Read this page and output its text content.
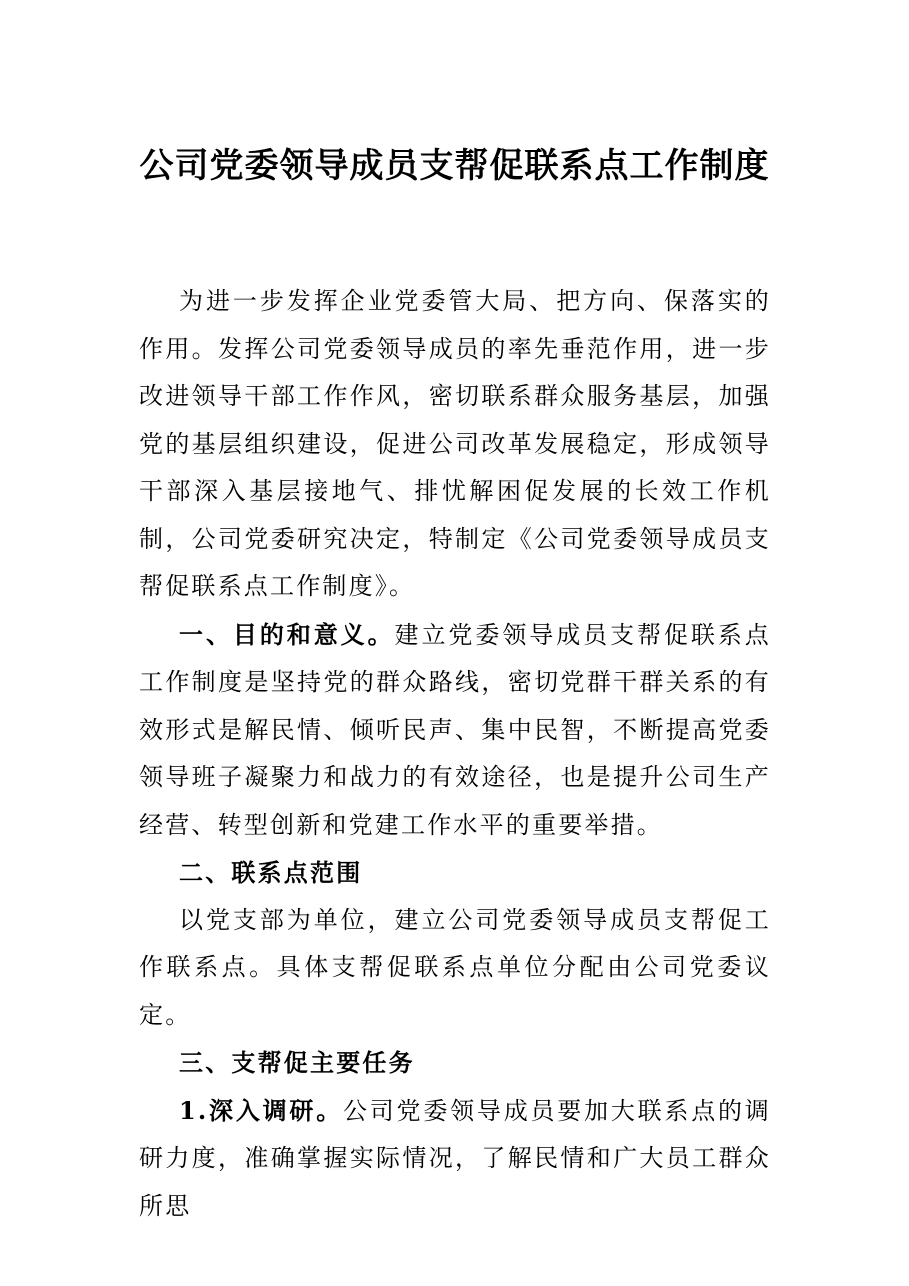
公司党委领导成员支帮促联系点工作制度

为进一步发挥企业党委管大局、把方向、保落实的作用。发挥公司党委领导成员的率先垂范作用，进一步改进领导干部工作作风，密切联系群众服务基层，加强党的基层组织建设，促进公司改革发展稳定，形成领导干部深入基层接地气、排忧解困促发展的长效工作机制，公司党委研究决定，特制定《公司党委领导成员支帮促联系点工作制度》。

一、目的和意义。建立党委领导成员支帮促联系点工作制度是坚持党的群众路线，密切党群干群关系的有效形式是解民情、倾听民声、集中民智，不断提高党委领导班子凝聚力和战力的有效途径，也是提升公司生产经营、转型创新和党建工作水平的重要举措。

二、联系点范围

以党支部为单位，建立公司党委领导成员支帮促工作联系点。具体支帮促联系点单位分配由公司党委议定。

三、支帮促主要任务

1.深入调研。公司党委领导成员要加大联系点的调研力度，准确掌握实际情况，了解民情和广大员工群众所思
